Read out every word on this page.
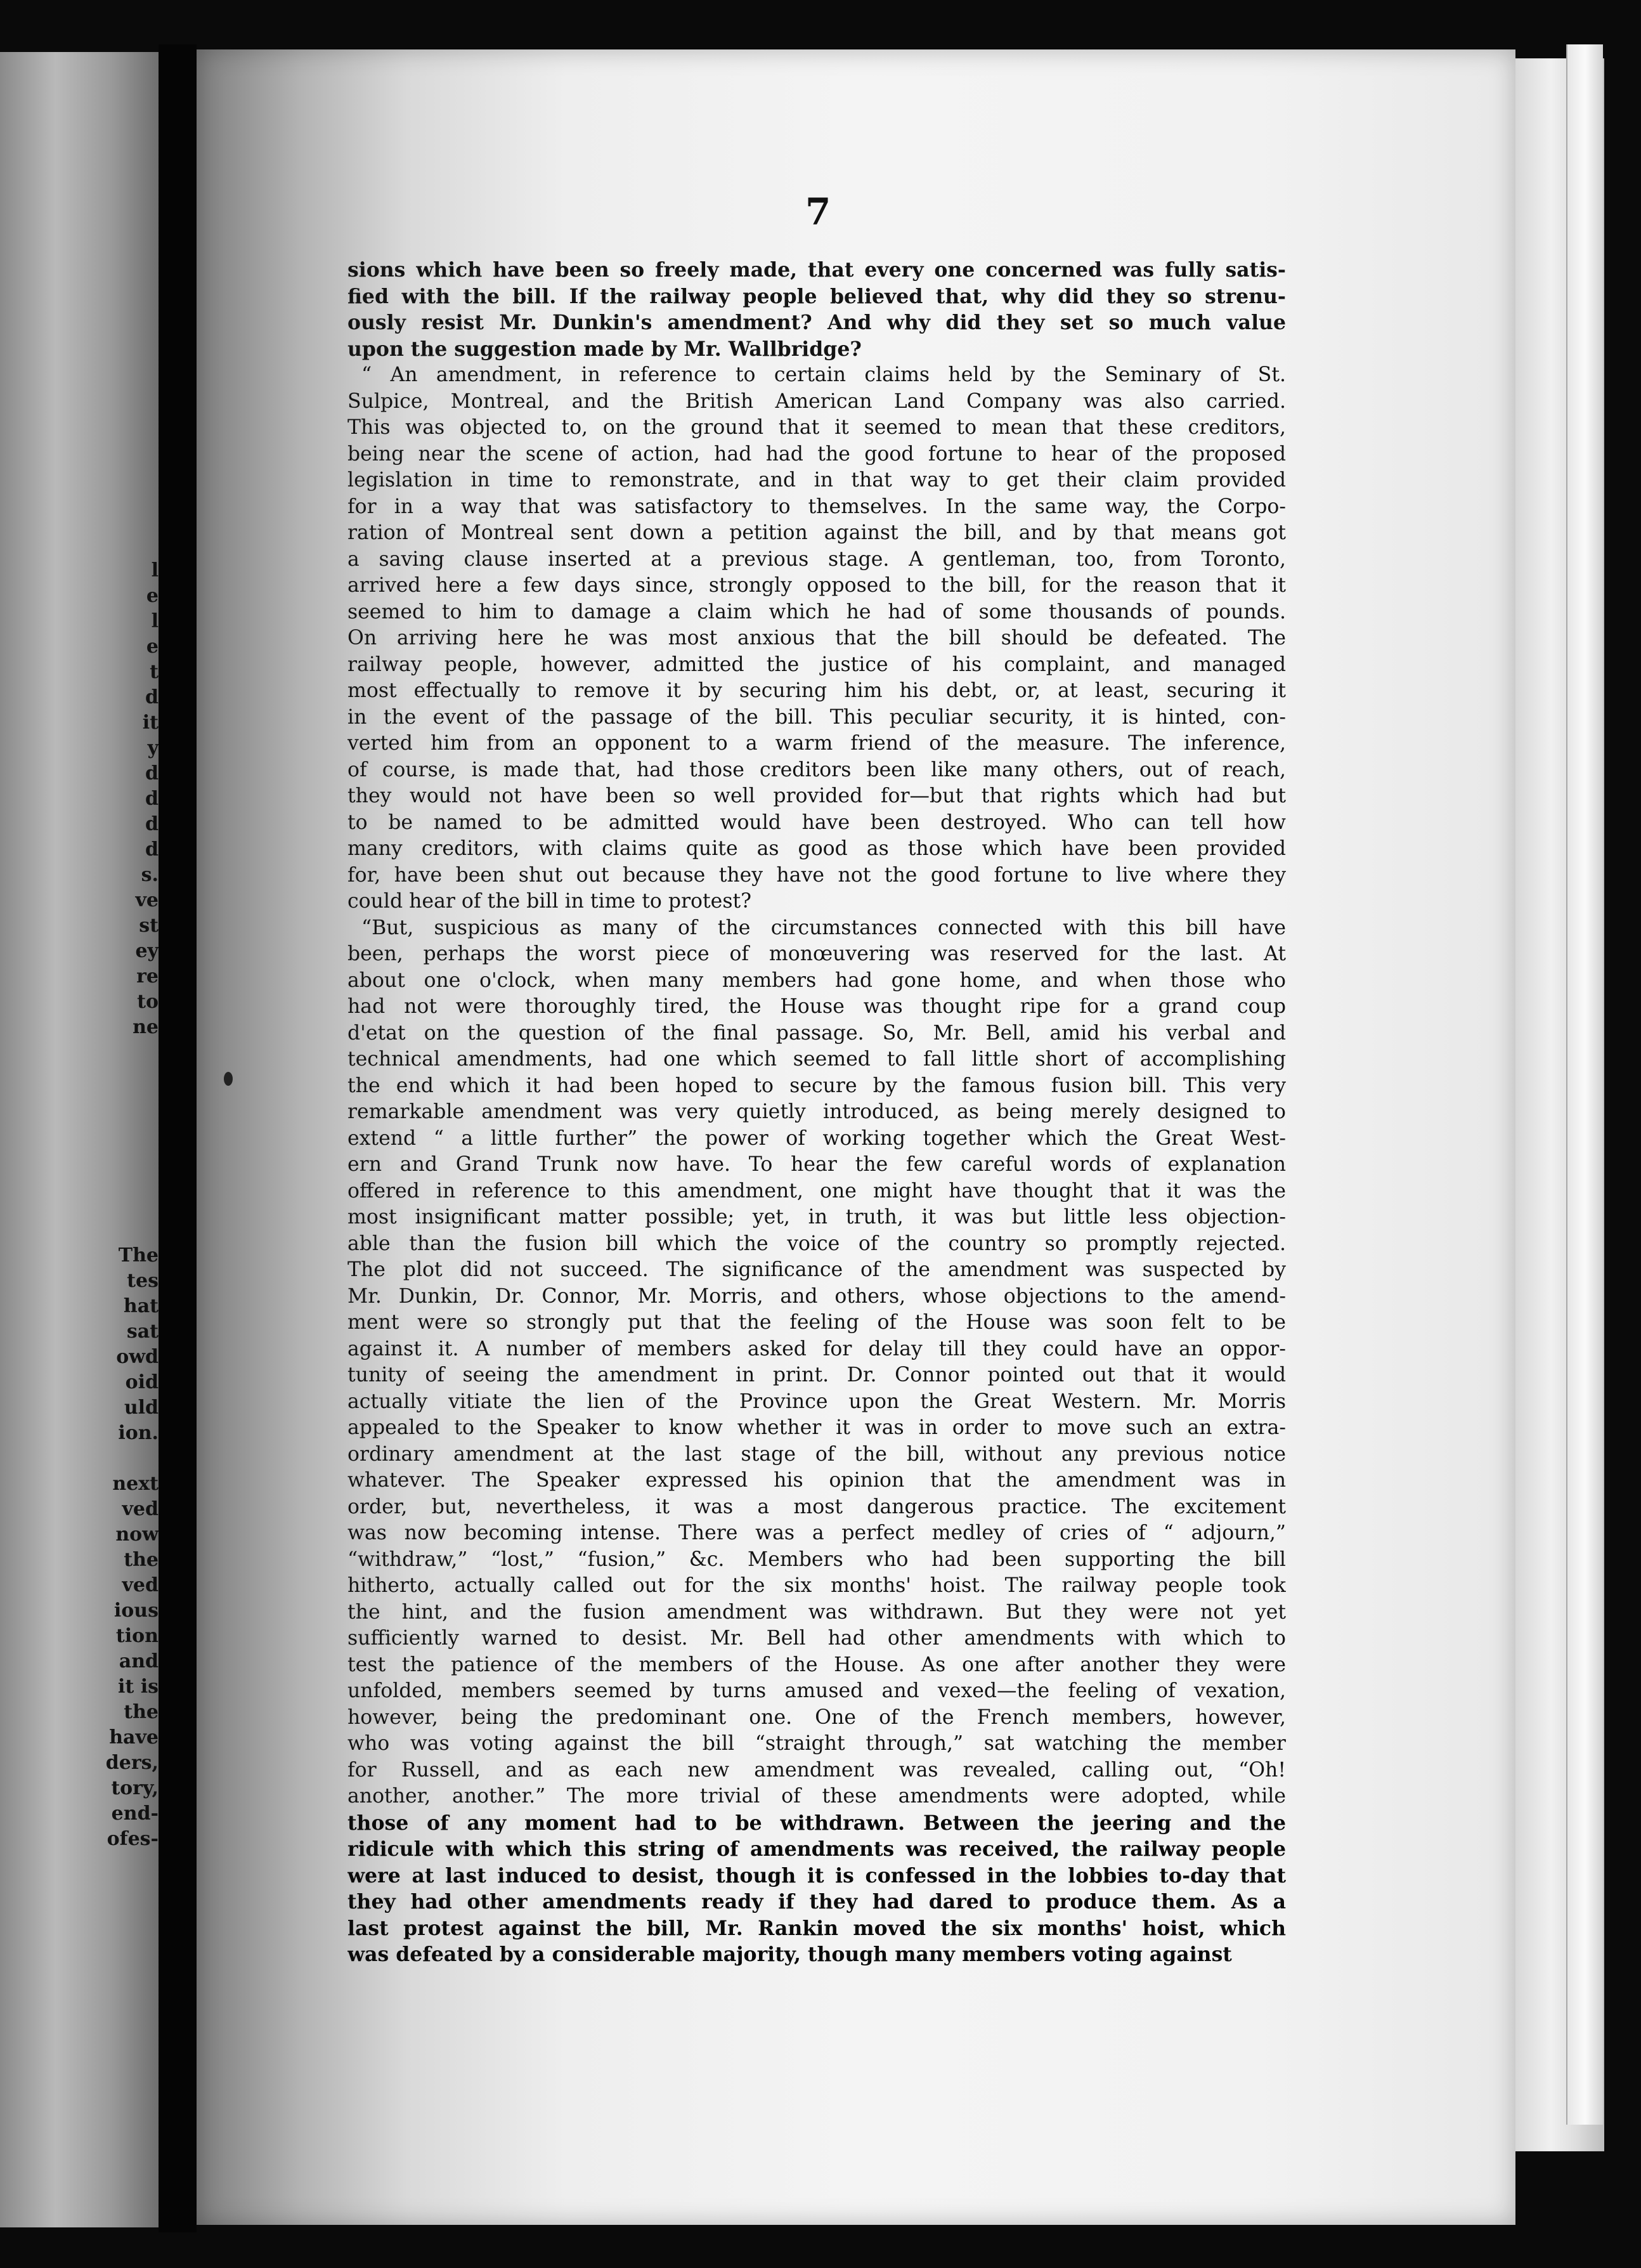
l
e
l
e
t
d
it
y
d
d
d
d
s.
ve
st
ey
re
to
ne

The
tes
hat
sat
owd
oid
uld
ion.

next
ved
now
the
ved
ious
tion
and
it is
the
have
ders,
tory,
end-
ofes-
7
sions which have been so freely made, that every one concerned was fully satis-
fied with the bill. If the railway people believed that, why did they so strenu-
ously resist Mr. Dunkin's amendment? And why did they set so much value
upon the suggestion made by Mr. Wallbridge?
“ An amendment, in reference to certain claims held by the Seminary of St.
Sulpice, Montreal, and the British American Land Company was also carried.
This was objected to, on the ground that it seemed to mean that these creditors,
being near the scene of action, had had the good fortune to hear of the proposed
legislation in time to remonstrate, and in that way to get their claim provided
for in a way that was satisfactory to themselves. In the same way, the Corpo-
ration of Montreal sent down a petition against the bill, and by that means got
a saving clause inserted at a previous stage. A gentleman, too, from Toronto,
arrived here a few days since, strongly opposed to the bill, for the reason that it
seemed to him to damage a claim which he had of some thousands of pounds.
On arriving here he was most anxious that the bill should be defeated. The
railway people, however, admitted the justice of his complaint, and managed
most effectually to remove it by securing him his debt, or, at least, securing it
in the event of the passage of the bill. This peculiar security, it is hinted, con-
verted him from an opponent to a warm friend of the measure. The inference,
of course, is made that, had those creditors been like many others, out of reach,
they would not have been so well provided for—but that rights which had but
to be named to be admitted would have been destroyed. Who can tell how
many creditors, with claims quite as good as those which have been provided
for, have been shut out because they have not the good fortune to live where they
could hear of the bill in time to protest?
“But, suspicious as many of the circumstances connected with this bill have
been, perhaps the worst piece of monœuvering was reserved for the last. At
about one o'clock, when many members had gone home, and when those who
had not were thoroughly tired, the House was thought ripe for a grand coup
d'etat on the question of the final passage. So, Mr. Bell, amid his verbal and
technical amendments, had one which seemed to fall little short of accomplishing
the end which it had been hoped to secure by the famous fusion bill. This very
remarkable amendment was very quietly introduced, as being merely designed to
extend “ a little further” the power of working together which the Great West-
ern and Grand Trunk now have. To hear the few careful words of explanation
offered in reference to this amendment, one might have thought that it was the
most insignificant matter possible; yet, in truth, it was but little less objection-
able than the fusion bill which the voice of the country so promptly rejected.
The plot did not succeed. The significance of the amendment was suspected by
Mr. Dunkin, Dr. Connor, Mr. Morris, and others, whose objections to the amend-
ment were so strongly put that the feeling of the House was soon felt to be
against it. A number of members asked for delay till they could have an oppor-
tunity of seeing the amendment in print. Dr. Connor pointed out that it would
actually vitiate the lien of the Province upon the Great Western. Mr. Morris
appealed to the Speaker to know whether it was in order to move such an extra-
ordinary amendment at the last stage of the bill, without any previous notice
whatever. The Speaker expressed his opinion that the amendment was in
order, but, nevertheless, it was a most dangerous practice. The excitement
was now becoming intense. There was a perfect medley of cries of “ adjourn,”
“withdraw,” “lost,” “fusion,” &c. Members who had been supporting the bill
hitherto, actually called out for the six months' hoist. The railway people took
the hint, and the fusion amendment was withdrawn. But they were not yet
sufficiently warned to desist. Mr. Bell had other amendments with which to
test the patience of the members of the House. As one after another they were
unfolded, members seemed by turns amused and vexed—the feeling of vexation,
however, being the predominant one. One of the French members, however,
who was voting against the bill “straight through,” sat watching the member
for Russell, and as each new amendment was revealed, calling out, “Oh!
another, another.” The more trivial of these amendments were adopted, while
those of any moment had to be withdrawn. Between the jeering and the
ridicule with which this string of amendments was received, the railway people
were at last induced to desist, though it is confessed in the lobbies to-day that
they had other amendments ready if they had dared to produce them. As a
last protest against the bill, Mr. Rankin moved the six months' hoist, which
was defeated by a considerable majority, though many members voting against
